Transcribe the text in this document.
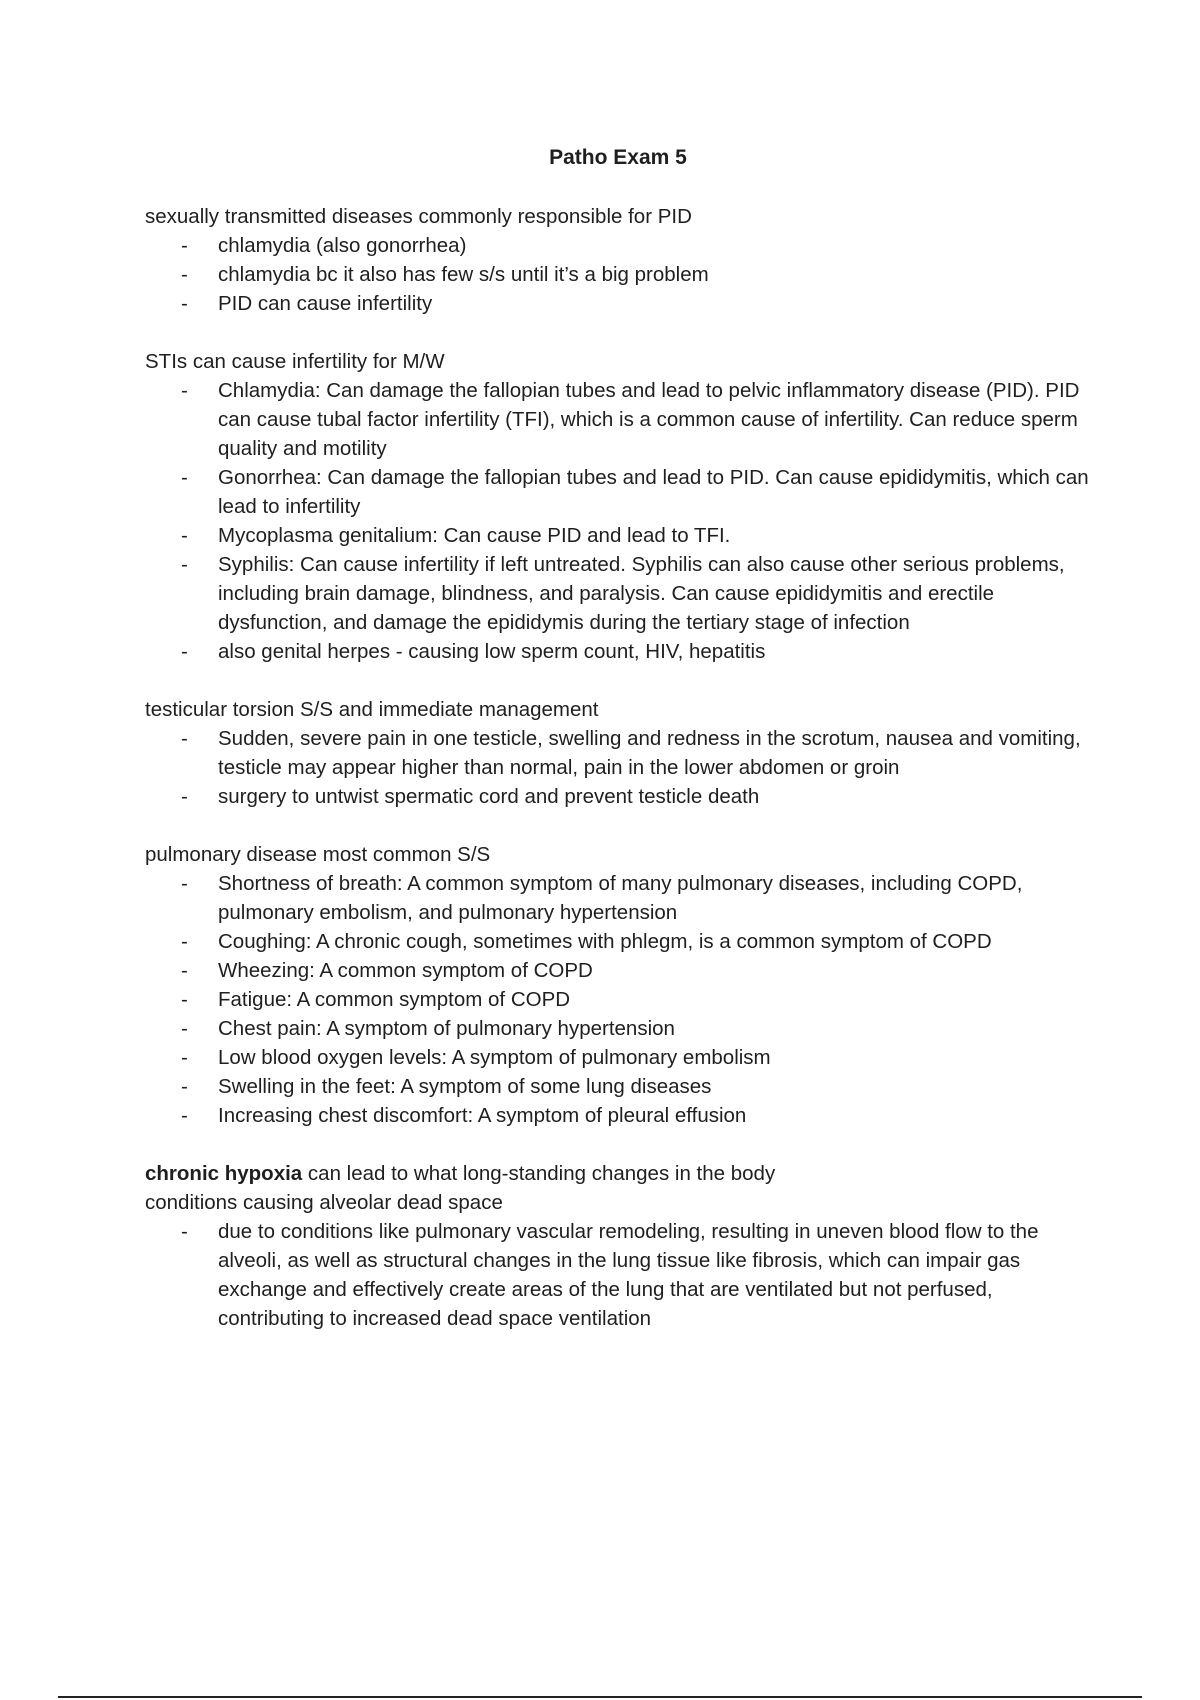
Patho Exam 5
sexually transmitted diseases commonly responsible for PID
- chlamydia (also gonorrhea)
- chlamydia bc it also has few s/s until it’s a big problem
- PID can cause infertility
STIs can cause infertility for M/W
- Chlamydia: Can damage the fallopian tubes and lead to pelvic inflammatory disease (PID). PID can cause tubal factor infertility (TFI), which is a common cause of infertility. Can reduce sperm quality and motility
- Gonorrhea: Can damage the fallopian tubes and lead to PID. Can cause epididymitis, which can lead to infertility
- Mycoplasma genitalium: Can cause PID and lead to TFI.
- Syphilis: Can cause infertility if left untreated. Syphilis can also cause other serious problems, including brain damage, blindness, and paralysis. Can cause epididymitis and erectile dysfunction, and damage the epididymis during the tertiary stage of infection
- also genital herpes - causing low sperm count, HIV, hepatitis
testicular torsion S/S and immediate management
- Sudden, severe pain in one testicle, swelling and redness in the scrotum, nausea and vomiting, testicle may appear higher than normal, pain in the lower abdomen or groin
- surgery to untwist spermatic cord and prevent testicle death
pulmonary disease most common S/S
- Shortness of breath: A common symptom of many pulmonary diseases, including COPD, pulmonary embolism, and pulmonary hypertension
- Coughing: A chronic cough, sometimes with phlegm, is a common symptom of COPD
- Wheezing: A common symptom of COPD
- Fatigue: A common symptom of COPD
- Chest pain: A symptom of pulmonary hypertension
- Low blood oxygen levels: A symptom of pulmonary embolism
- Swelling in the feet: A symptom of some lung diseases
- Increasing chest discomfort: A symptom of pleural effusion
chronic hypoxia can lead to what long-standing changes in the body
conditions causing alveolar dead space
- due to conditions like pulmonary vascular remodeling, resulting in uneven blood flow to the alveoli, as well as structural changes in the lung tissue like fibrosis, which can impair gas exchange and effectively create areas of the lung that are ventilated but not perfused, contributing to increased dead space ventilation
